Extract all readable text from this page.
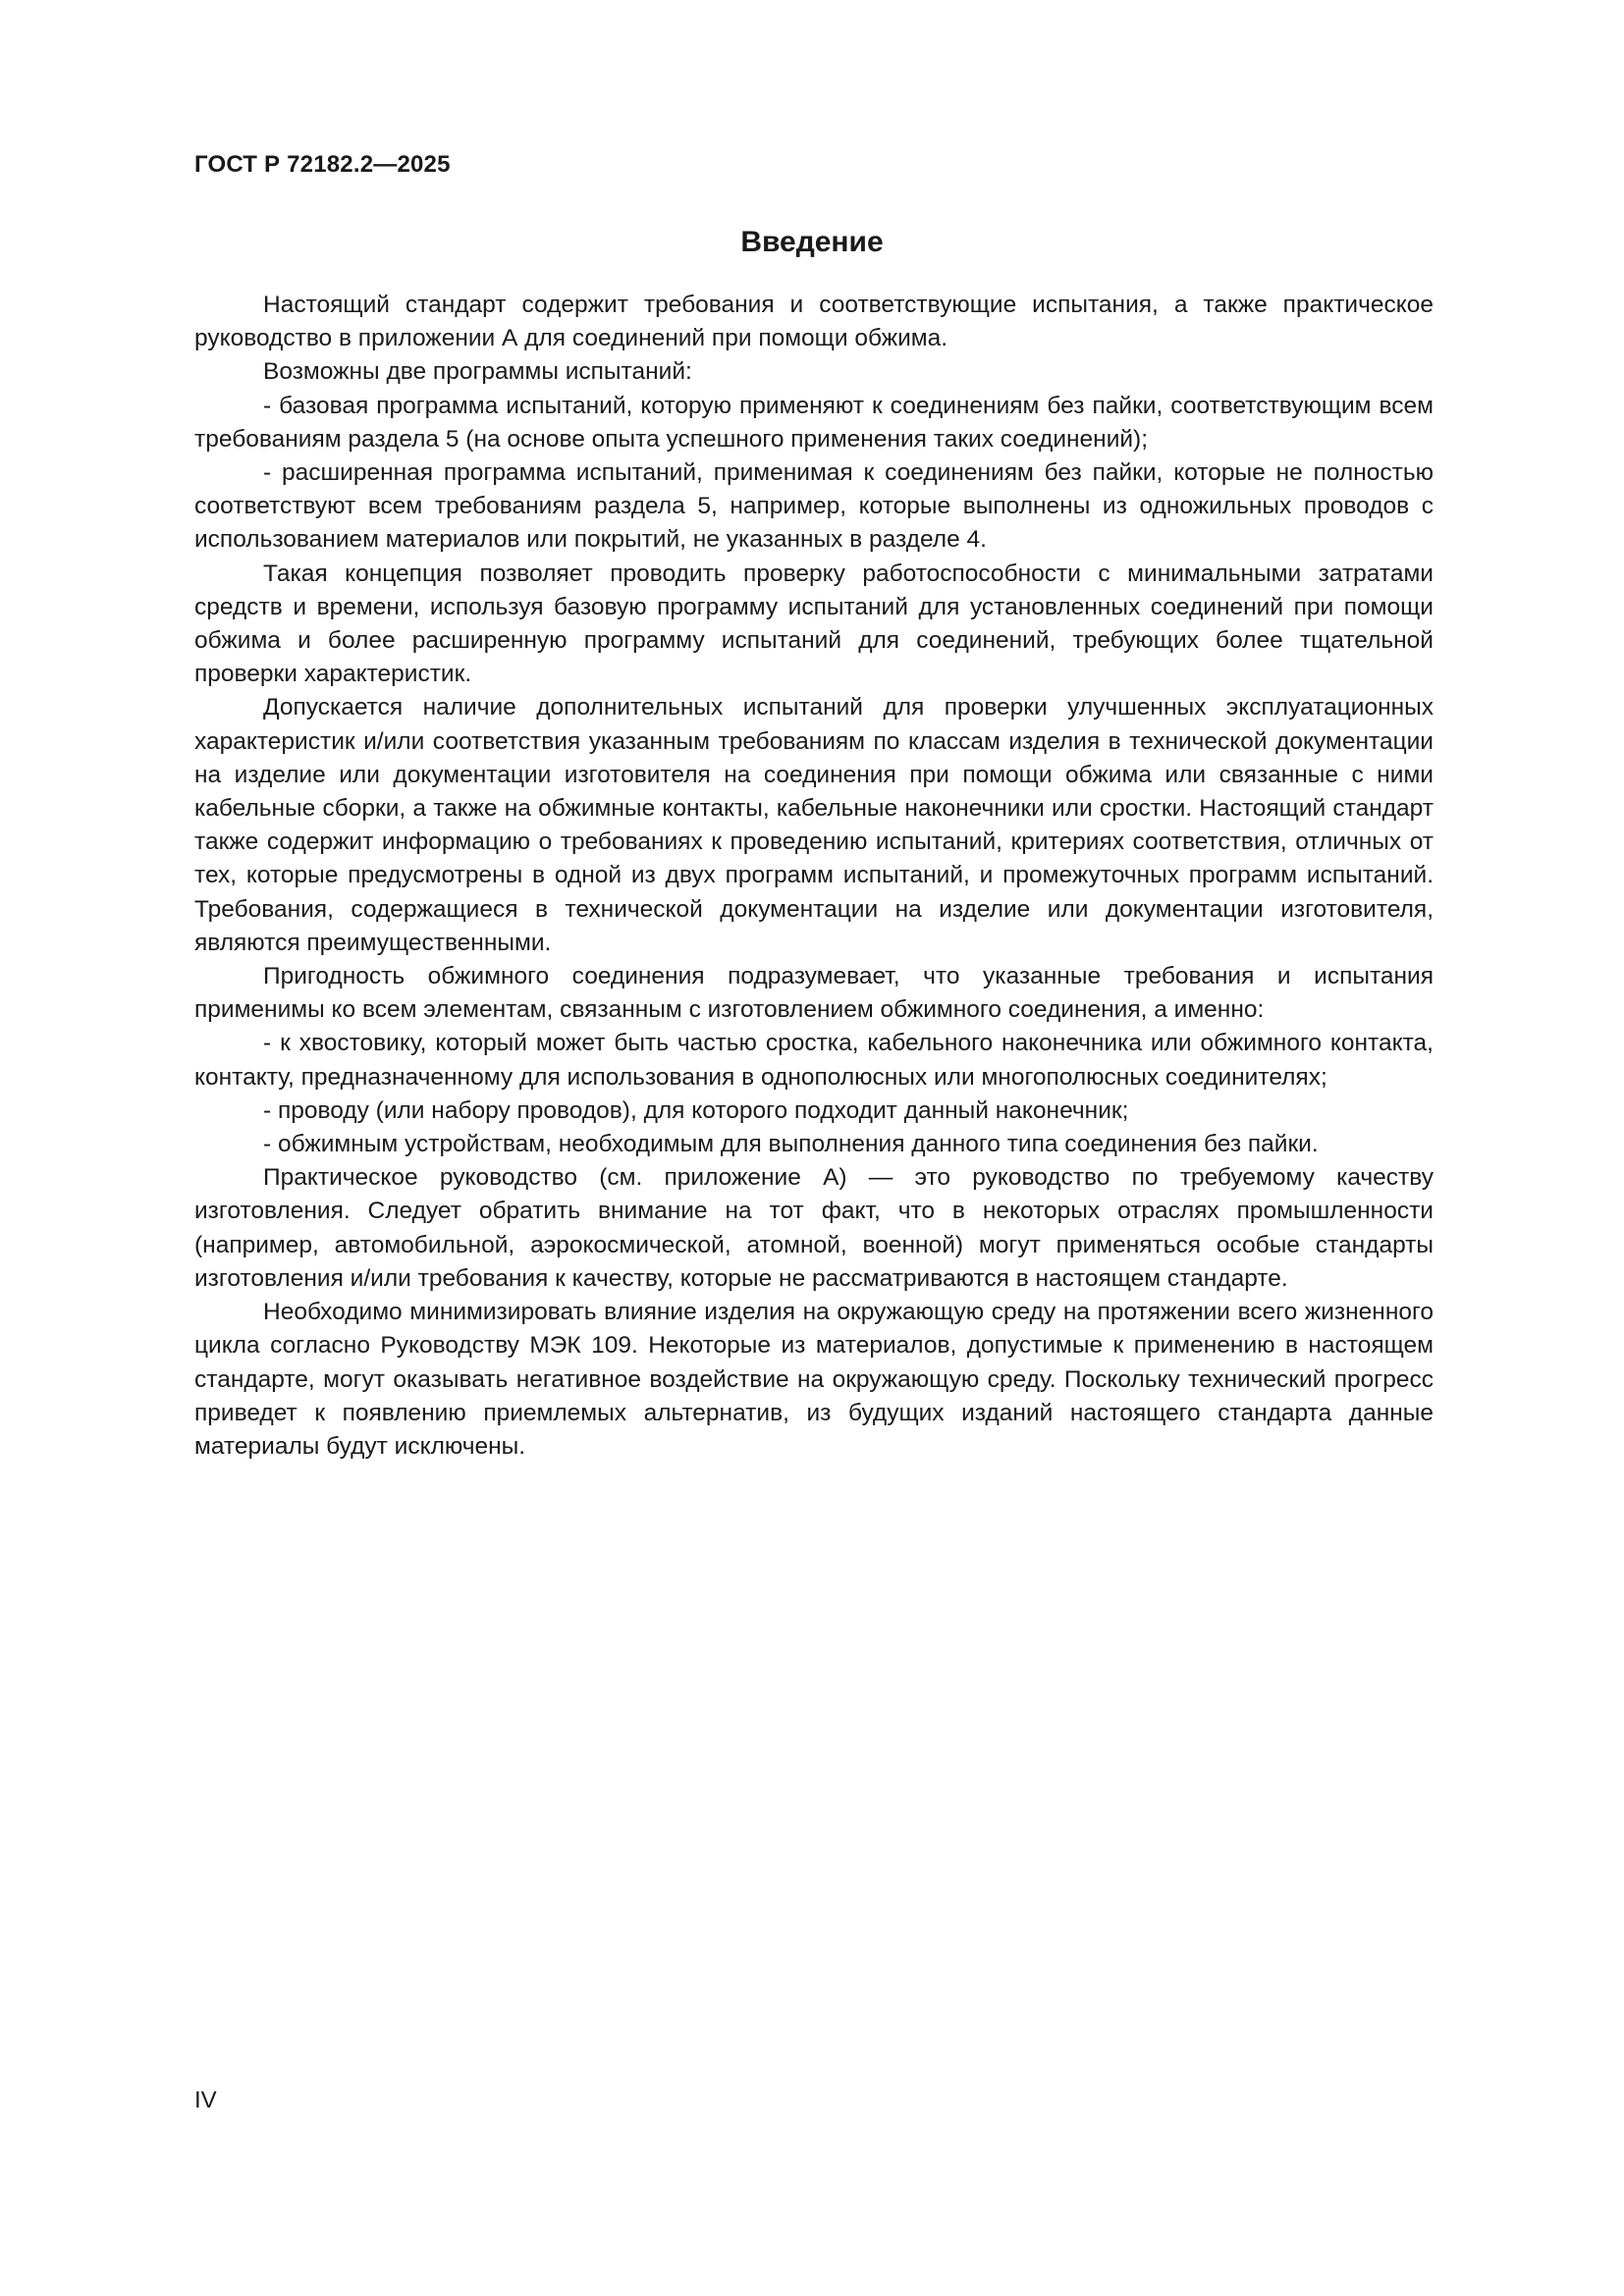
ГОСТ Р 72182.2—2025
Введение

Настоящий стандарт содержит требования и соответствующие испытания, а также практическое руководство в приложении А для соединений при помощи обжима.

Возможны две программы испытаний:

- базовая программа испытаний, которую применяют к соединениям без пайки, соответствующим всем требованиям раздела 5 (на основе опыта успешного применения таких соединений);

- расширенная программа испытаний, применимая к соединениям без пайки, которые не полностью соответствуют всем требованиям раздела 5, например, которые выполнены из одножильных проводов с использованием материалов или покрытий, не указанных в разделе 4.

Такая концепция позволяет проводить проверку работоспособности с минимальными затратами средств и времени, используя базовую программу испытаний для установленных соединений при помощи обжима и более расширенную программу испытаний для соединений, требующих более тщательной проверки характеристик.

Допускается наличие дополнительных испытаний для проверки улучшенных эксплуатационных характеристик и/или соответствия указанным требованиям по классам изделия в технической документации на изделие или документации изготовителя на соединения при помощи обжима или связанные с ними кабельные сборки, а также на обжимные контакты, кабельные наконечники или сростки. Настоящий стандарт также содержит информацию о требованиях к проведению испытаний, критериях соответствия, отличных от тех, которые предусмотрены в одной из двух программ испытаний, и промежуточных программ испытаний. Требования, содержащиеся в технической документации на изделие или документации изготовителя, являются преимущественными.

Пригодность обжимного соединения подразумевает, что указанные требования и испытания применимы ко всем элементам, связанным с изготовлением обжимного соединения, а именно:

- к хвостовику, который может быть частью сростка, кабельного наконечника или обжимного контакта, контакту, предназначенному для использования в однополюсных или многополюсных соединителях;

- проводу (или набору проводов), для которого подходит данный наконечник;

- обжимным устройствам, необходимым для выполнения данного типа соединения без пайки.

Практическое руководство (см. приложение А) — это руководство по требуемому качеству изготовления. Следует обратить внимание на тот факт, что в некоторых отраслях промышленности (например, автомобильной, аэрокосмической, атомной, военной) могут применяться особые стандарты изготовления и/или требования к качеству, которые не рассматриваются в настоящем стандарте.

Необходимо минимизировать влияние изделия на окружающую среду на протяжении всего жизненного цикла согласно Руководству МЭК 109. Некоторые из материалов, допустимые к применению в настоящем стандарте, могут оказывать негативное воздействие на окружающую среду. Поскольку технический прогресс приведет к появлению приемлемых альтернатив, из будущих изданий настоящего стандарта данные материалы будут исключены.

IV
